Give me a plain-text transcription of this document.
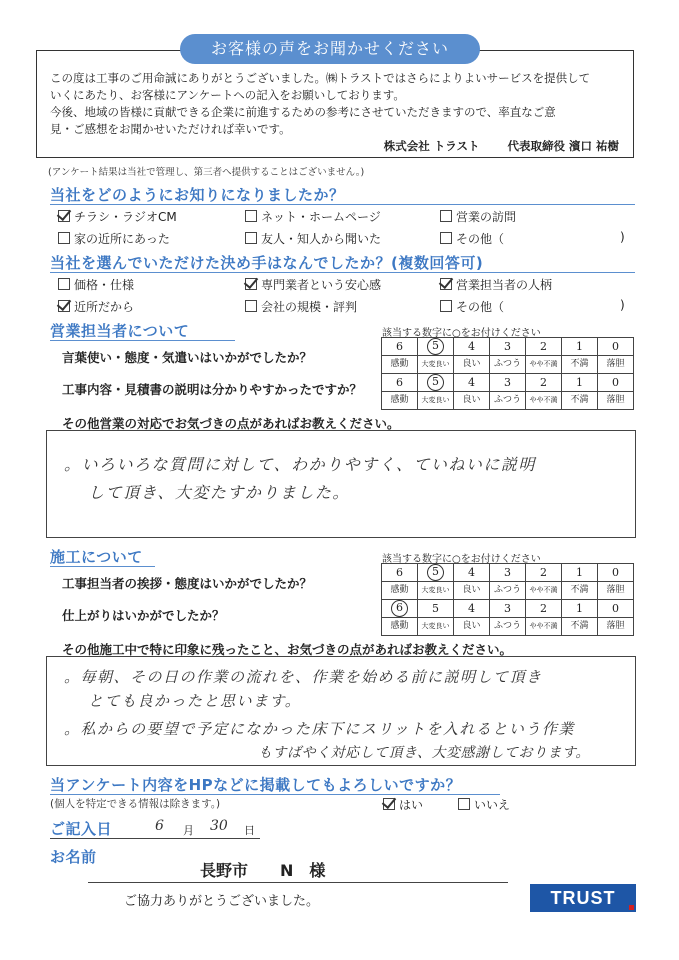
お客様の声をお聞かせください
この度は工事のご用命誠にありがとうございました。㈱トラストではさらによりよいサービスを提供して
いくにあたり、お客様にアンケートへの記入をお願いしております。
今後、地域の皆様に貢献できる企業に前進するための参考にさせていただきますので、率直なご意
見・ご感想をお聞かせいただければ幸いです。
株式会社 トラスト 代表取締役 濱口 祐樹
(アンケート結果は当社で管理し、第三者へ提供することはございません。)
当社をどのようにお知りになりましたか？
チラシ・ラジオCM	ネット・ホームページ	営業の訪問
家の近所にあった	友人・知人から聞いた	その他（	)
当社を選んでいただけた決め手はなんでしたか？(複数回答可)
価格・仕様	専門業者という安心感	営業担当者の人柄
近所だから	会社の規模・評判	その他（	)
営業担当者について	該当する数字に○をお付けください
言葉使い・態度・気遣いはいかがでしたか？
工事内容・見積書の説明は分かりやすかったですか？
6	5	4	3	2	1	0
感動	大変良い	良い	ふつう	やや不満	不満	落胆
6	5	4	3	2	1	0
感動	大変良い	良い	ふつう	やや不満	不満	落胆
その他営業の対応でお気づきの点があればお教えください。
。いろいろな質問に対して、わかりやすく、ていねいに説明
して頂き、大変たすかりました。
施工について	該当する数字に○をお付けください
工事担当者の挨拶・態度はいかがでしたか？
仕上がりはいかがでしたか？
6	5	4	3	2	1	0
感動	大変良い	良い	ふつう	やや不満	不満	落胆
6	5	4	3	2	1	0
感動	大変良い	良い	ふつう	やや不満	不満	落胆
その他施工中で特に印象に残ったこと、お気づきの点があればお教えください。
。毎朝、その日の作業の流れを、作業を始める前に説明して頂き
とても良かったと思います。
。私からの要望で予定になかった床下にスリットを入れるという作業
もすばやく対応して頂き、大変感謝しております。
当アンケート内容をHPなどに掲載してもよろしいですか？
(個人を特定できる情報は除きます。)	はい	いいえ
ご記入日	6 月 30 日
お名前
長野市　　N　様
ご協力ありがとうございました。	TRUST
